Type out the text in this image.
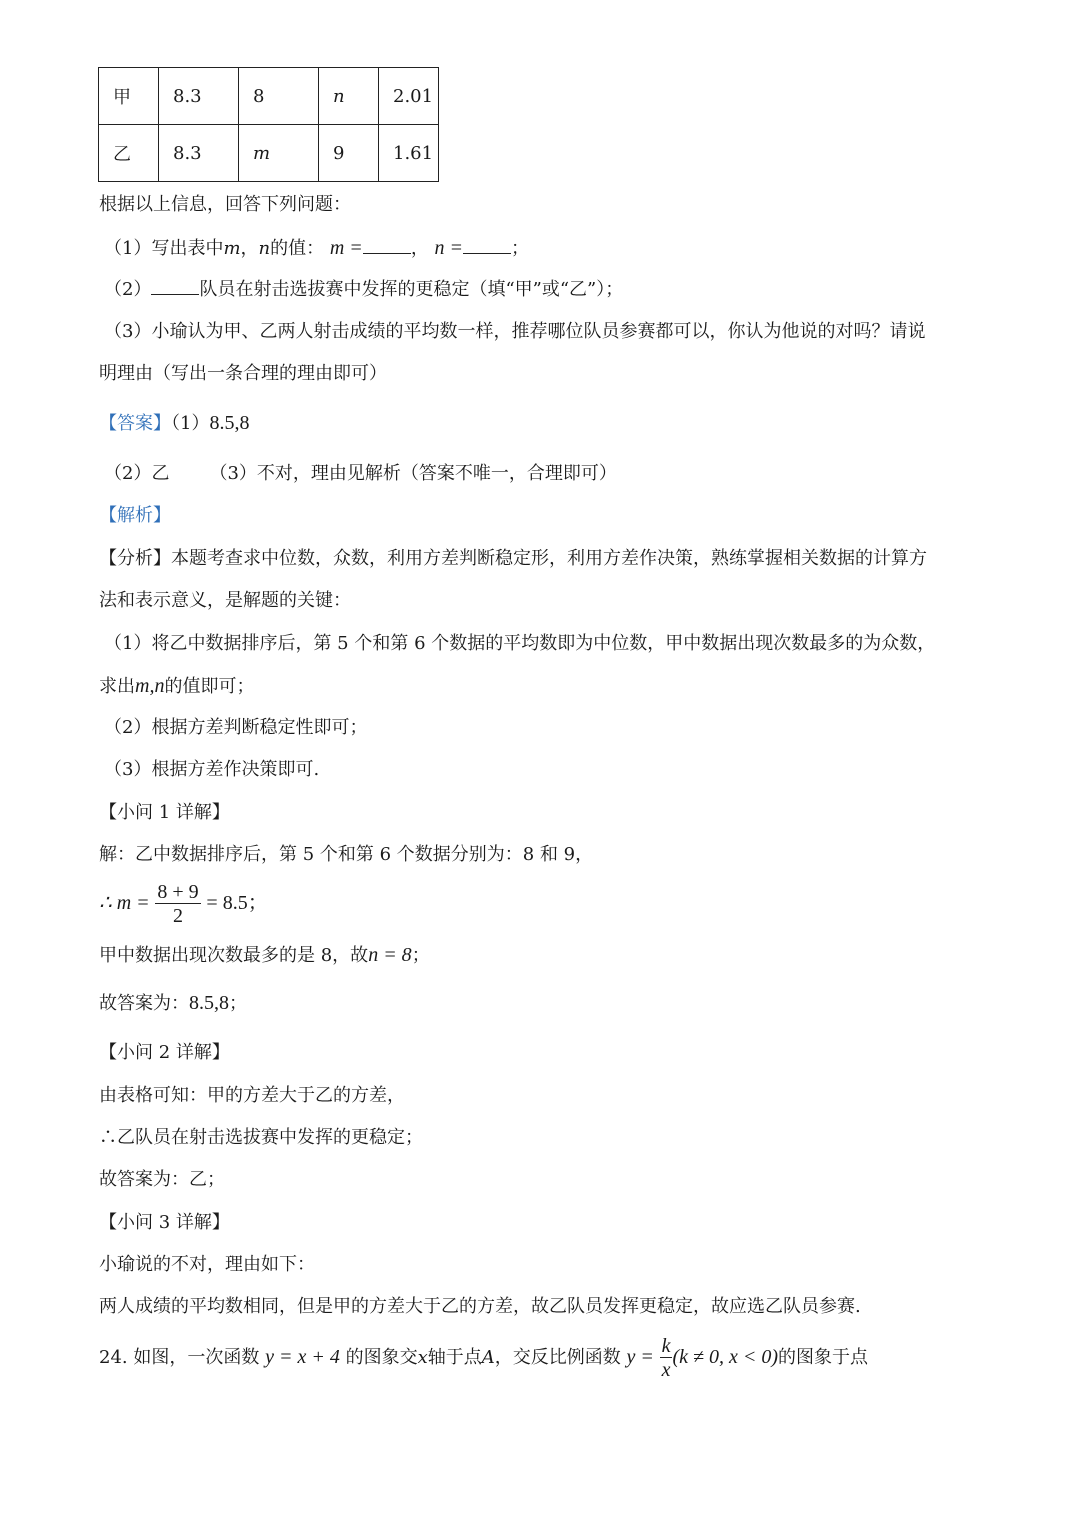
甲	8.3	8	n	2.01
乙	8.3	m	9	1.61
根据以上信息，回答下列问题：
（1）写出表中m，n的值： m =	， n =	；
（2）	队员在射击选拔赛中发挥的更稳定（填“甲”或“乙”）；
（3）小瑜认为甲、乙两人射击成绩的平均数一样，推荐哪位队员参赛都可以，你认为他说的对吗？请说
明理由（写出一条合理的理由即可）
【答案】（1）8.5,8
（2）乙 （3）不对，理由见解析（答案不唯一，合理即可）
【解析】
【分析】本题考查求中位数，众数，利用方差判断稳定形，利用方差作决策，熟练掌握相关数据的计算方
法和表示意义，是解题的关键：
（1）将乙中数据排序后，第 5 个和第 6 个数据的平均数即为中位数，甲中数据出现次数最多的为众数，
求出m,n的值即可；
（2）根据方差判断稳定性即可；
（3）根据方差作决策即可.
【小问 1 详解】
解：乙中数据排序后，第 5 个和第 6 个数据分别为：8 和 9，
∴ $m = \frac{8 + 9}{2} = 8.5$；
甲中数据出现次数最多的是 8，故n = 8；
故答案为：8.5,8；
【小问 2 详解】
由表格可知：甲的方差大于乙的方差，
∴乙队员在射击选拔赛中发挥的更稳定；
故答案为：乙；
【小问 3 详解】
小瑜说的不对，理由如下：
两人成绩的平均数相同，但是甲的方差大于乙的方差，故乙队员发挥更稳定，故应选乙队员参赛.
24. 如图，一次函数 y = x + 4 的图象交x轴于点A，交反比例函数 $y = \frac{k}{x} (k \ne 0$, x < 0)的图象于点
